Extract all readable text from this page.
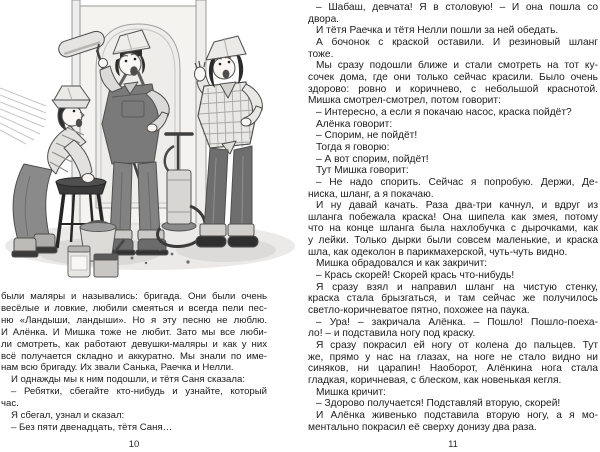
были маляры и назывались: бригада. Они были очень
весёлые и ловкие, любили смеяться и всегда пели пес-
ню «Ландыши, ландыши». Но я эту песню не люблю.
И Алёнка. И Мишка тоже не любит. Зато мы все люби-
ли смотреть, как работают девушки-маляры и как у них
всё получается складно и аккуратно. Мы знали по име-
нам всю бригаду. Их звали Санька, Раечка и Нелли.
И однажды мы к ним подошли, и тётя Саня сказала:
– Ребятки, сбегайте кто-нибудь и узнайте, который
час.
Я сбегал, узнал и сказал:
– Без пяти двенадцать, тётя Саня…
10
– Шабаш, девчата! Я в столовую! – И она пошла со
двора.
И тётя Раечка и тётя Нелли пошли за ней обедать.
А бочонок с краской оставили. И резиновый шланг
тоже.
Мы сразу подошли ближе и стали смотреть на тот ку-
сочек дома, где они только сейчас красили. Было очень
здорово: ровно и коричнево, с небольшой краснотой.
Мишка смотрел-смотрел, потом говорит:
– Интересно, а если я покачаю насос, краска пойдёт?
Алёнка говорит:
– Спорим, не пойдёт!
Тогда я говорю:
– А вот спорим, пойдёт!
Тут Мишка говорит:
– Не надо спорить. Сейчас я попробую. Держи, Де-
ниска, шланг, а я покачаю.
И ну давай качать. Раза два-три качнул, и вдруг из
шланга побежала краска! Она шипела как змея, потому
что на конце шланга была нахлобучка с дырочками, как
у лейки. Только дырки были совсем маленькие, и краска
шла, как одеколон в парикмахерской, чуть-чуть видно.
Мишка обрадовался и как закричит:
– Крась скорей! Скорей крась что-нибудь!
Я сразу взял и направил шланг на чистую стенку,
краска стала брызгаться, и там сейчас же получилось
светло-коричневатое пятно, похожее на паука.
– Ура! – закричала Алёнка. – Пошло! Пошло-поеха-
ло! – и подставила ногу под краску.
Я сразу покрасил ей ногу от колена до пальцев. Тут
же, прямо у нас на глазах, на ноге не стало видно ни
синяков, ни царапин! Наоборот, Алёнкина нога стала
гладкая, коричневая, с блеском, как новенькая кегля.
Мишка кричит:
– Здорово получается! Подставляй вторую, скорей!
И Алёнка живенько подставила вторую ногу, а я мо-
ментально покрасил её сверху донизу два раза.
11
